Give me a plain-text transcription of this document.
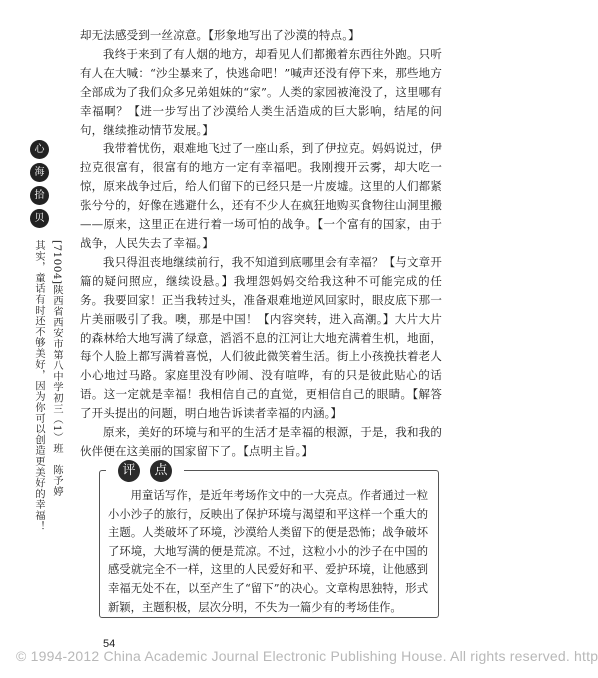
却无法感受到一丝凉意。【形象地写出了沙漠的特点。】

我终于来到了有人烟的地方，却看见人们都搬着东西往外跑。只听有人在大喊：“沙尘暴来了，快逃命吧！”喊声还没有停下来，那些地方全部成为了我们众多兄弟姐妹的“家”。人类的家园被淹没了，这里哪有幸福啊？【进一步写出了沙漠给人类生活造成的巨大影响，结尾的问句，继续推动情节发展。】

我带着忧伤，艰难地飞过了一座山系，到了伊拉克。妈妈说过，伊拉克很富有，很富有的地方一定有幸福吧。我刚搜开云雾，却大吃一惊，原来战争过后，给人们留下的已经只是一片废墟。这里的人们都紧张兮兮的，好像在逃避什么，还有不少人在疯狂地购买食物往山洞里搬——原来，这里正在进行着一场可怕的战争。【一个富有的国家，由于战争，人民失去了幸福。】

我只得沮丧地继续前行，我不知道到底哪里会有幸福？【与文章开篇的疑问照应，继续设悬。】我埋怨妈妈交给我这种不可能完成的任务。我要回家！正当我转过头，准备艰难地逆风回家时，眼皮底下那一片美丽吸引了我。噢，那是中国！【内容突转，进入高潮。】大片大片的森林给大地写满了绿意，滔滔不息的江河让大地充满着生机，地面，每个人脸上都写满着喜悦，人们彼此微笑着生活。街上小孩挽扶着老人小心地过马路。家庭里没有吵闹、没有喧哗，有的只是彼此贴心的话语。这一定就是幸福！我相信自己的直觉，更相信自己的眼睛。【解答了开头提出的问题，明白地告诉读者幸福的内涵。】

原来，美好的环境与和平的生活才是幸福的根源，于是，我和我的伙伴便在这美丽的国家留下了。【点明主旨。】

心
海
拾
贝
其实，童话有时还不够美好，因为你可以创造更美好的幸福！ [71004]陕西省西安市第八中学初三（1）班　陈予婷	评	点
用童话写作，是近年考场作文中的一大亮点。作者通过一粒小小沙子的旅行，反映出了保护环境与渴望和平这样一个重大的主题。人类破坏了环境，沙漠给人类留下的便是恐怖；战争破坏了环境，大地写满的便是荒凉。不过，这粒小小的沙子在中国的感受就完全不一样，这里的人民爱好和平、爱护环境，让他感到幸福无处不在，以至产生了“留下”的决心。文章构思独特，形式新颖，主题积极，层次分明，不失为一篇少有的考场佳作。
54
© 1994-2012 China Academic Journal Electronic Publishing House. All rights reserved. http
